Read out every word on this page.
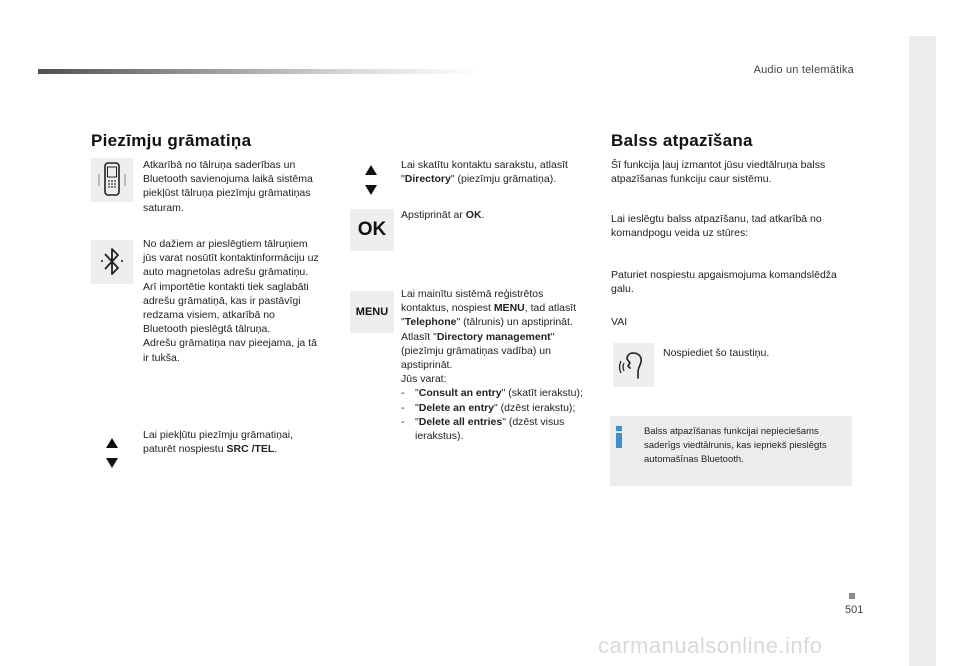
Audio un telemātika
501
Piezīmju grāmatiņa
Atkarībā no tālruņa saderības un Bluetooth savienojuma laikā sistēma piekļūst tālruņa piezīmju grāmatiņas saturam.
No dažiem ar pieslēgtiem tālruņiem jūs varat nosūtīt kontaktinformāciju uz auto magnetolas adrešu grāmatiņu.
Arī importētie kontakti tiek saglabāti adrešu grāmatiņā, kas ir pastāvīgi redzama visiem, atkarībā no Bluetooth pieslēgtā tālruņa.
Adrešu grāmatiņa nav pieejama, ja tā ir tukša.
Lai piekļūtu piezīmju grāmatiņai, paturēt nospiestu SRC /TEL.
Lai skatītu kontaktu sarakstu, atlasīt "Directory" (piezīmju grāmatiņa).
OK
Apstiprināt ar OK.
MENU
Lai mainītu sistēmā reģistrētos kontaktus, nospiest MENU, tad atlasīt "Telephone" (tālrunis) un apstiprināt.
Atlasīt "Directory management" (piezīmju grāmatiņas vadība) un apstiprināt.
Jūs varat:
-	"Consult an entry" (skatīt ierakstu);
-	"Delete an entry" (dzēst ierakstu);
-	"Delete all entries" (dzēst visus ierakstus).
Balss atpazīšana
Šī funkcija ļauj izmantot jūsu viedtālruņa balss atpazīšanas funkciju caur sistēmu.
Lai ieslēgtu balss atpazīšanu, tad atkarībā no komandpogu veida uz stūres:
Paturiet nospiestu apgaismojuma komandslēdža galu.
VAI
Nospiediet šo taustiņu.
Balss atpazīšanas funkcijai nepieciešams saderīgs viedtālrunis, kas iepriekš pieslēgts automašīnas Bluetooth.
carmanualsonline.info
